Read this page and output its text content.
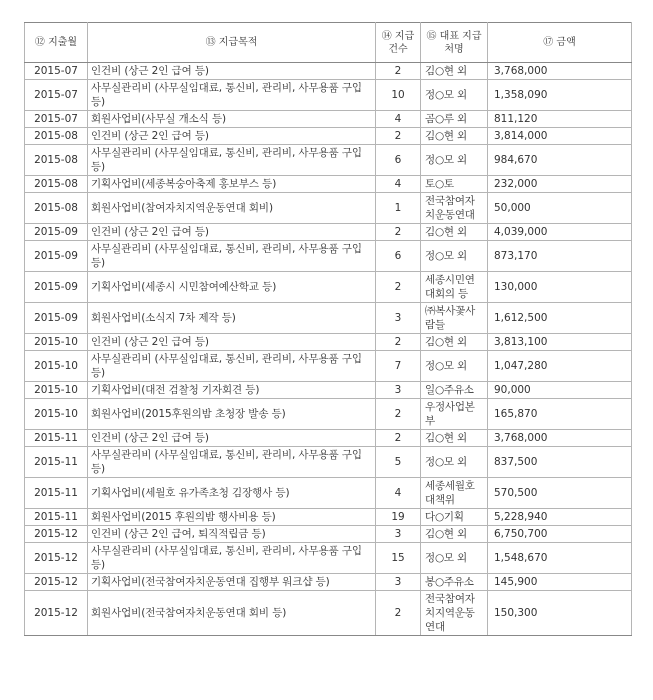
⑫ 지출월	⑬ 지급목적	⑭ 지급 건수	⑮ 대표 지급처명	⑰ 금액
2015-07	인건비 (상근 2인 급여 등)	2	김○현 외	3,768,000
2015-07	사무실관리비 (사무실임대료, 통신비, 관리비, 사무용품 구입 등)	10	정○모 외	1,358,090
2015-07	회원사업비(사무실 개소식 등)	4	곰○루 외	811,120
2015-08	인건비 (상근 2인 급여 등)	2	김○현 외	3,814,000
2015-08	사무실관리비 (사무실임대료, 통신비, 관리비, 사무용품 구입 등)	6	정○모 외	984,670
2015-08	기획사업비(세종복숭아축제 홍보부스 등)	4	토○토	232,000
2015-08	회원사업비(참여자치지역운동연대 회비)	1	전국참여자치운동연대	50,000
2015-09	인건비 (상근 2인 급여 등)	2	김○현 외	4,039,000
2015-09	사무실관리비 (사무실임대료, 통신비, 관리비, 사무용품 구입 등)	6	정○모 외	873,170
2015-09	기획사업비(세종시 시민참여예산학교 등)	2	세종시민연대회의 등	130,000
2015-09	회원사업비(소식지 7차 제작 등)	3	㈜복사꽃사람들	1,612,500
2015-10	인건비 (상근 2인 급여 등)	2	김○현 외	3,813,100
2015-10	사무실관리비 (사무실임대료, 통신비, 관리비, 사무용품 구입 등)	7	정○모 외	1,047,280
2015-10	기획사업비(대전 검찰청 기자회견 등)	3	일○주유소	90,000
2015-10	회원사업비(2015후원의밤 초청장 발송 등)	2	우정사업본부	165,870
2015-11	인건비 (상근 2인 급여 등)	2	김○현 외	3,768,000
2015-11	사무실관리비 (사무실임대료, 통신비, 관리비, 사무용품 구입 등)	5	정○모 외	837,500
2015-11	기획사업비(세월호 유가족초청 김장행사 등)	4	세종세월호대책위	570,500
2015-11	회원사업비(2015 후원의밤 행사비용 등)	19	다○기획	5,228,940
2015-12	인건비 (상근 2인 급여, 퇴직적립금 등)	3	김○현 외	6,750,700
2015-12	사무실관리비 (사무실임대료, 통신비, 관리비, 사무용품 구입 등)	15	정○모 외	1,548,670
2015-12	기획사업비(전국참여자치운동연대 집행부 워크샵 등)	3	봉○주유소	145,900
2015-12	회원사업비(전국참여자치운동연대 회비 등)	2	전국참여자치지역운동연대	150,300
